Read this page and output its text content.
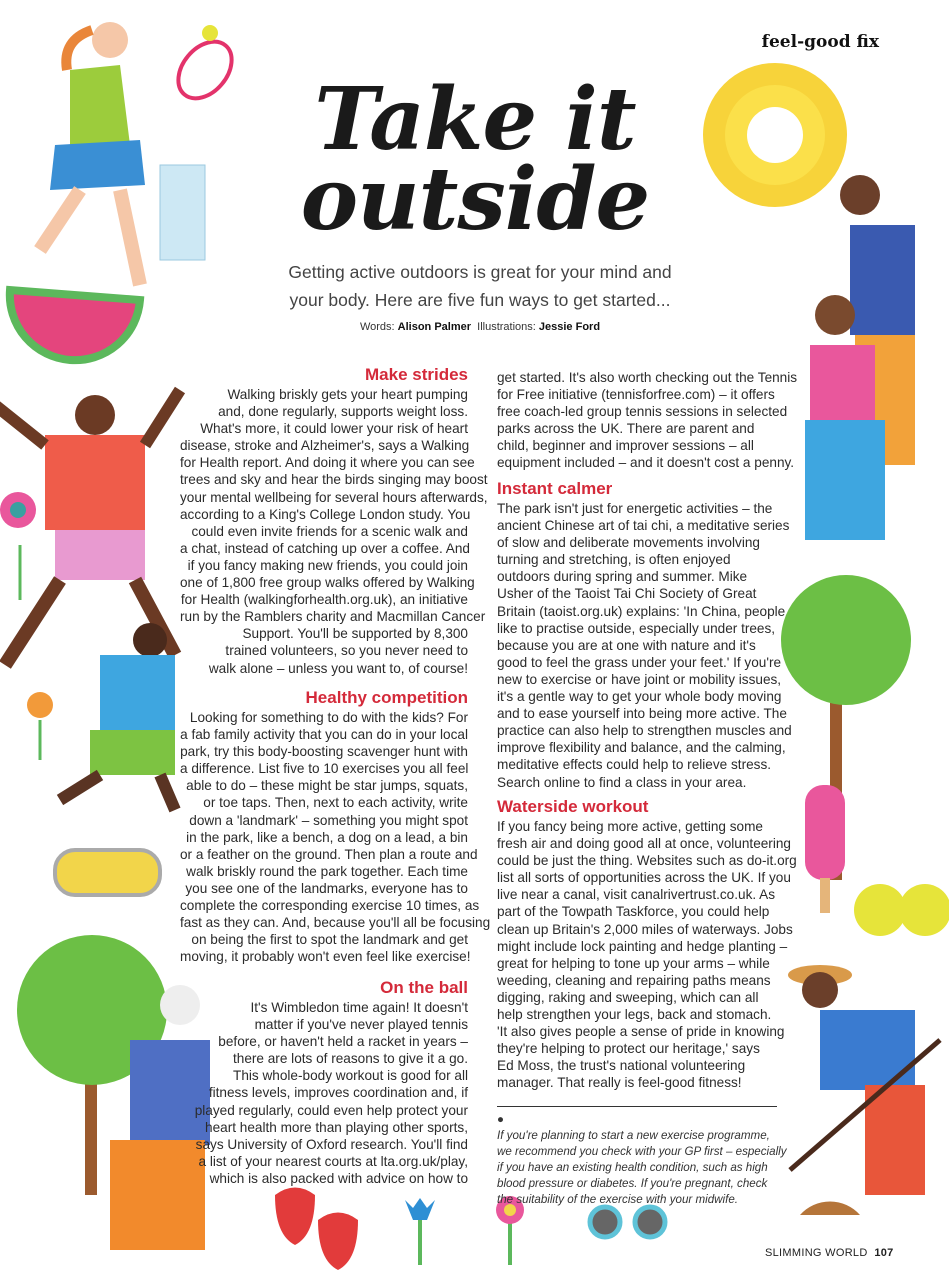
feel-good fix
Take it
outside
Getting active outdoors is great for your mind and
your body. Here are five fun ways to get started...
Words: Alison Palmer Illustrations: Jessie Ford
Make strides
Walking briskly gets your heart pumping
and, done regularly, supports weight loss.
What's more, it could lower your risk of heart
disease, stroke and Alzheimer's, says a Walking
for Health report. And doing it where you can see
trees and sky and hear the birds singing may boost
your mental wellbeing for several hours afterwards,
according to a King's College London study. You
could even invite friends for a scenic walk and
a chat, instead of catching up over a coffee. And
if you fancy making new friends, you could join
one of 1,800 free group walks offered by Walking
for Health (walkingforhealth.org.uk), an initiative
run by the Ramblers charity and Macmillan Cancer
Support. You'll be supported by 8,300
trained volunteers, so you never need to
walk alone – unless you want to, of course!
Healthy competition
Looking for something to do with the kids? For
a fab family activity that you can do in your local
park, try this body-boosting scavenger hunt with
a difference. List five to 10 exercises you all feel
able to do – these might be star jumps, squats,
or toe taps. Then, next to each activity, write
down a 'landmark' – something you might spot
in the park, like a bench, a dog on a lead, a bin
or a feather on the ground. Then plan a route and
walk briskly round the park together. Each time
you see one of the landmarks, everyone has to
complete the corresponding exercise 10 times, as
fast as they can. And, because you'll all be focusing
on being the first to spot the landmark and get
moving, it probably won't even feel like exercise!
On the ball
It's Wimbledon time again! It doesn't
matter if you've never played tennis
before, or haven't held a racket in years –
there are lots of reasons to give it a go.
This whole-body workout is good for all
fitness levels, improves coordination and, if
played regularly, could even help protect your
heart health more than playing other sports,
says University of Oxford research. You'll find
a list of your nearest courts at lta.org.uk/play,
which is also packed with advice on how to
get started. It's also worth checking out the Tennis
for Free initiative (tennisforfree.com) – it offers
free coach-led group tennis sessions in selected
parks across the UK. There are parent and
child, beginner and improver sessions – all
equipment included – and it doesn't cost a penny.
Instant calmer
The park isn't just for energetic activities – the
ancient Chinese art of tai chi, a meditative series
of slow and deliberate movements involving
turning and stretching, is often enjoyed
outdoors during spring and summer. Mike
Usher of the Taoist Tai Chi Society of Great
Britain (taoist.org.uk) explains: 'In China, people
like to practise outside, especially under trees,
because you are at one with nature and it's
good to feel the grass under your feet.' If you're
new to exercise or have joint or mobility issues,
it's a gentle way to get your whole body moving
and to ease yourself into being more active. The
practice can also help to strengthen muscles and
improve flexibility and balance, and the calming,
meditative effects could help to relieve stress.
Search online to find a class in your area.
Waterside workout
If you fancy being more active, getting some
fresh air and doing good all at once, volunteering
could be just the thing. Websites such as do-it.org
list all sorts of opportunities across the UK. If you
live near a canal, visit canalrivertrust.co.uk. As
part of the Towpath Taskforce, you could help
clean up Britain's 2,000 miles of waterways. Jobs
might include lock painting and hedge planting –
great for helping to tone up your arms – while
weeding, cleaning and repairing paths means
digging, raking and sweeping, which can all
help strengthen your legs, back and stomach.
'It also gives people a sense of pride in knowing
they're helping to protect our heritage,' says
Ed Moss, the trust's national volunteering
manager. That really is feel-good fitness!
●
If you're planning to start a new exercise programme,
we recommend you check with your GP first – especially
if you have an existing health condition, such as high
blood pressure or diabetes. If you're pregnant, check
the suitability of the exercise with your midwife.
SLIMMING WORLD 107
